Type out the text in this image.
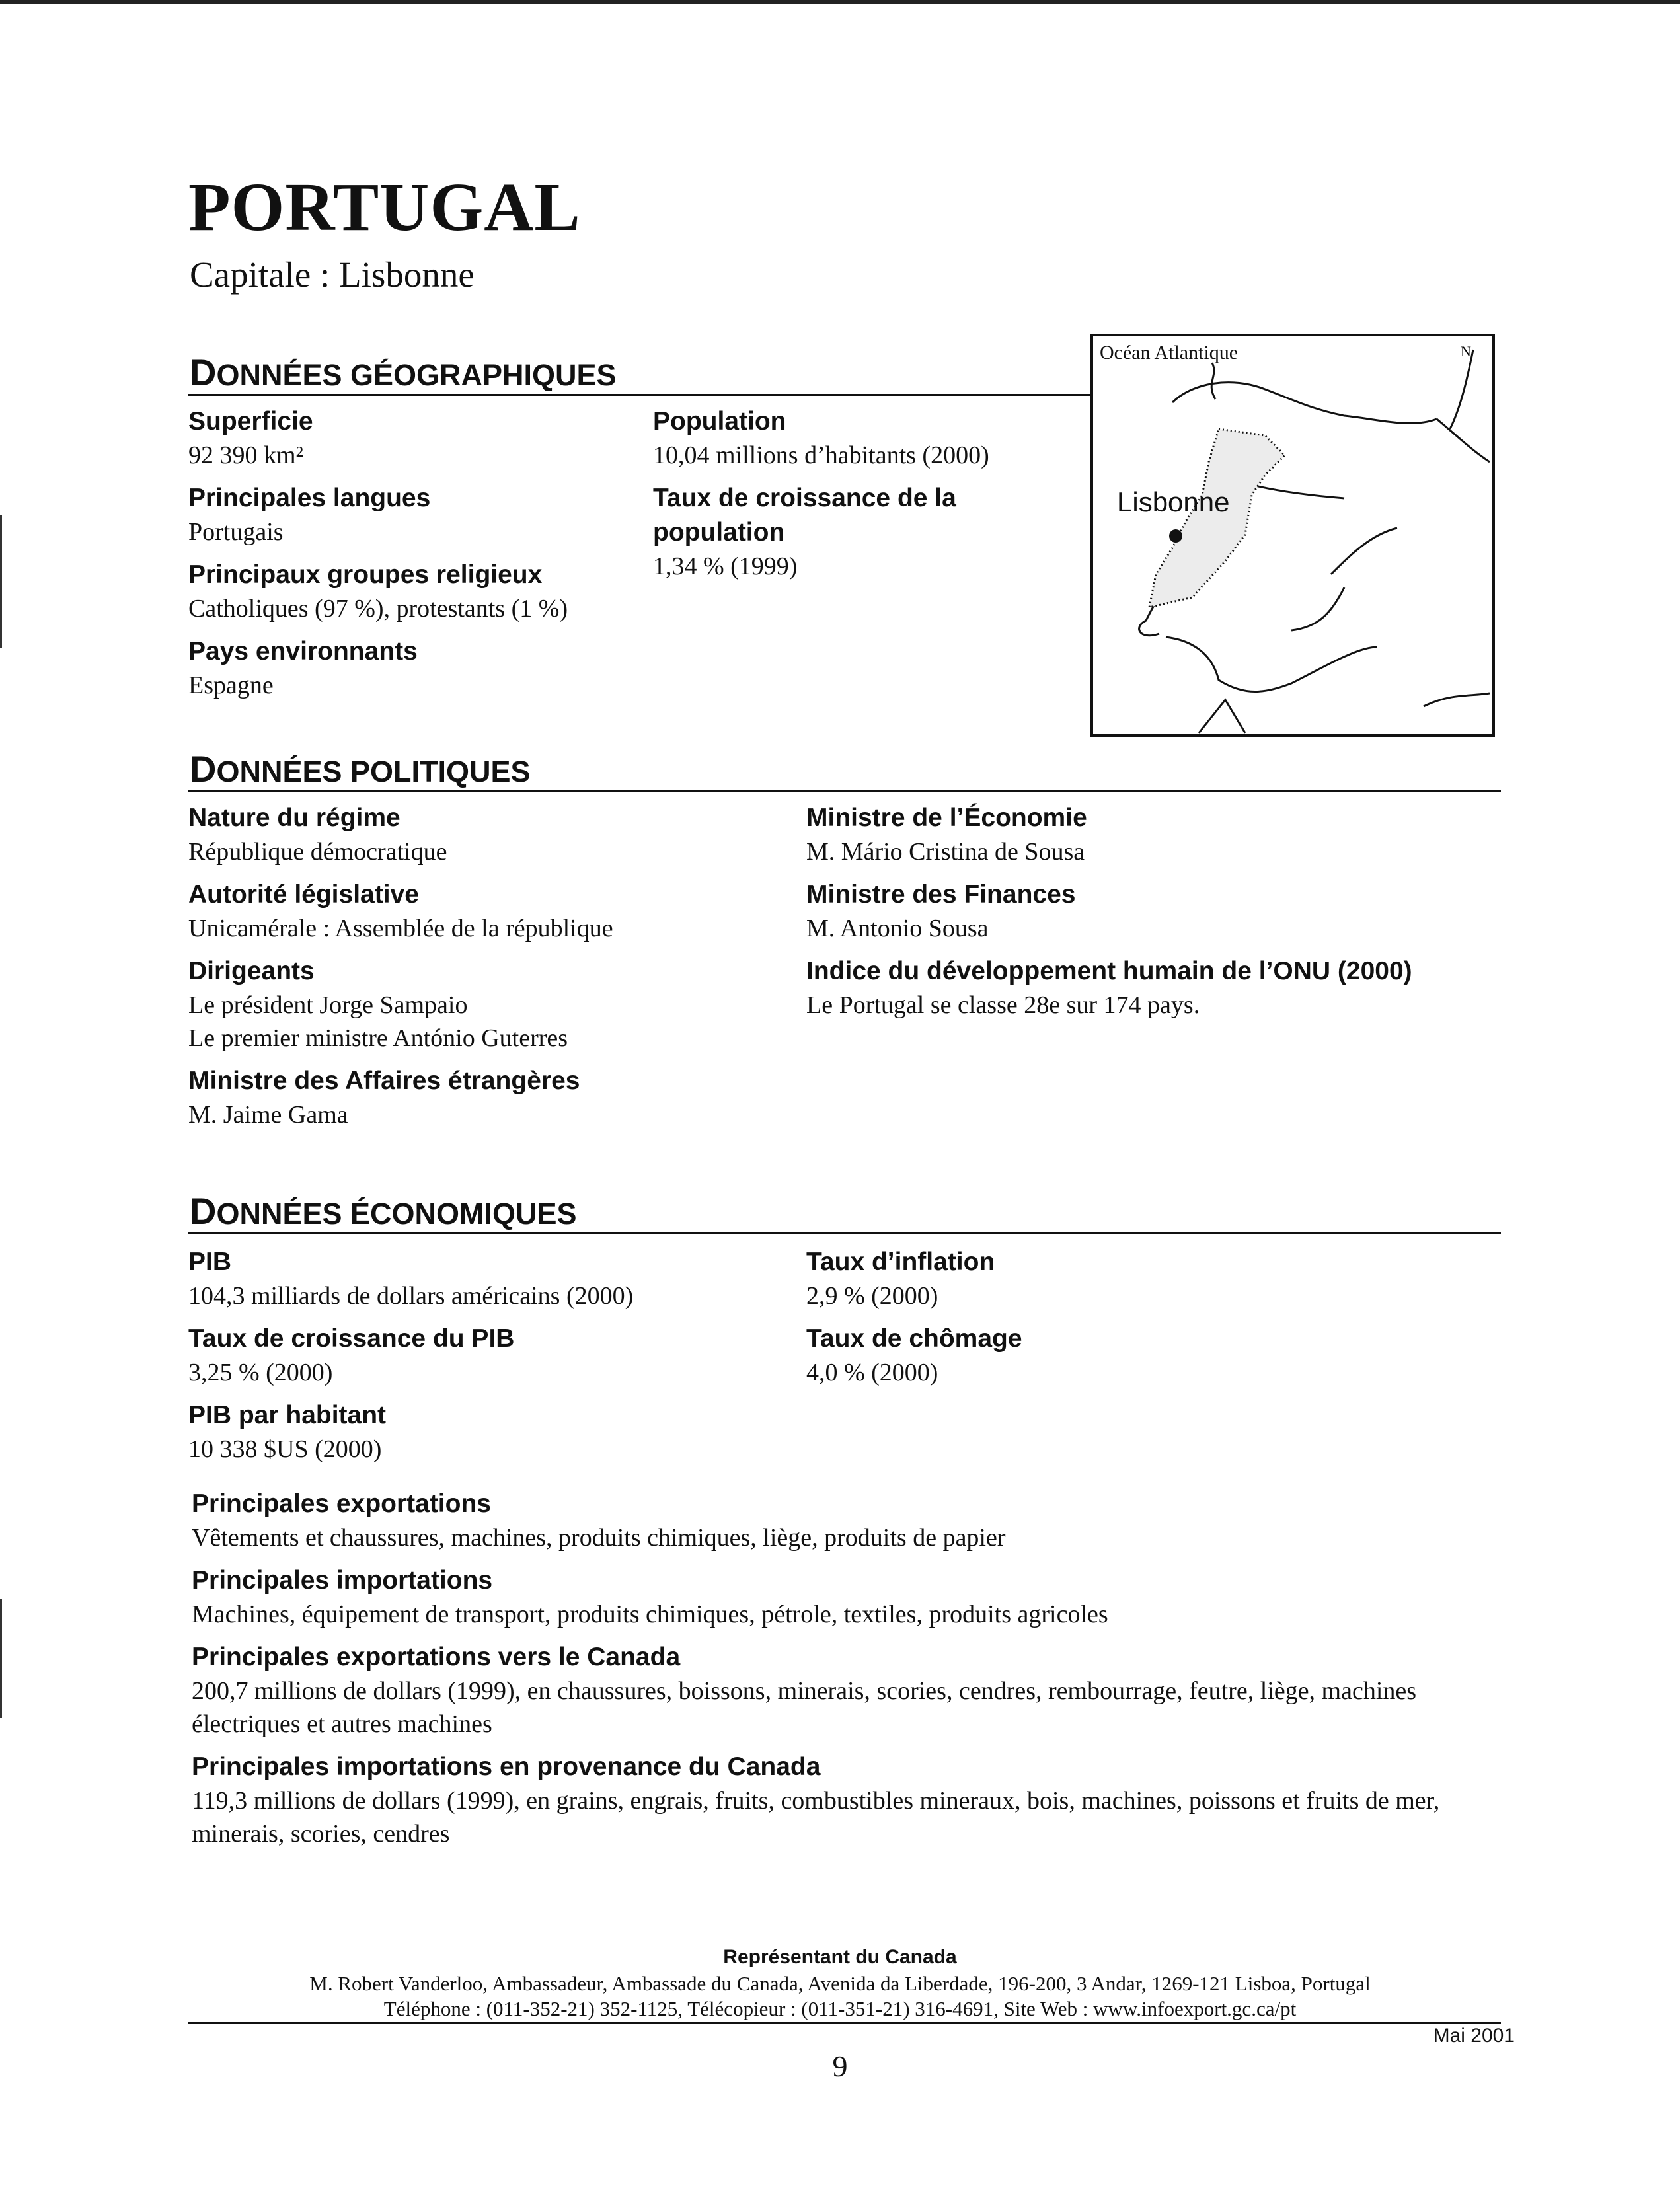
PORTUGAL
Capitale : Lisbonne
DONNÉES GÉOGRAPHIQUES

Superficie

92 390 km²

Principales langues

Portugais

Principaux groupes religieux

Catholiques (97 %), protestants (1 %)

Pays environnants

Espagne

Population

10,04 millions d’habitants (2000)

Taux de croissance de la population

1,34 % (1999)

N
Océan Atlantique
Lisbonne
DONNÉES POLITIQUES

Nature du régime

République démocratique

Autorité législative

Unicamérale : Assemblée de la république

Dirigeants

Le président Jorge Sampaio

Le premier ministre António Guterres

Ministre des Affaires étrangères

M. Jaime Gama

Ministre de l’Économie

M. Mário Cristina de Sousa

Ministre des Finances

M. Antonio Sousa

Indice du développement humain de l’ONU (2000)

Le Portugal se classe 28e sur 174 pays.

DONNÉES ÉCONOMIQUES

PIB

104,3 milliards de dollars américains (2000)

Taux de croissance du PIB

3,25 % (2000)

PIB par habitant

10 338 $US (2000)

Taux d’inflation

2,9 % (2000)

Taux de chômage

4,0 % (2000)

Principales exportations

Vêtements et chaussures, machines, produits chimiques, liège, produits de papier

Principales importations

Machines, équipement de transport, produits chimiques, pétrole, textiles, produits agricoles

Principales exportations vers le Canada

200,7 millions de dollars (1999), en chaussures, boissons, minerais, scories, cendres, rembourrage, feutre, liège, machines électriques et autres machines

Principales importations en provenance du Canada

119,3 millions de dollars (1999), en grains, engrais, fruits, combustibles mineraux, bois, machines, poissons et fruits de mer, minerais, scories, cendres

Représentant du Canada
M. Robert Vanderloo, Ambassadeur, Ambassade du Canada, Avenida da Liberdade, 196-200, 3 Andar, 1269-121 Lisboa, Portugal
Téléphone : (011-352-21) 352-1125, Télécopieur : (011-351-21) 316-4691, Site Web : www.infoexport.gc.ca/pt
Mai 2001
9
